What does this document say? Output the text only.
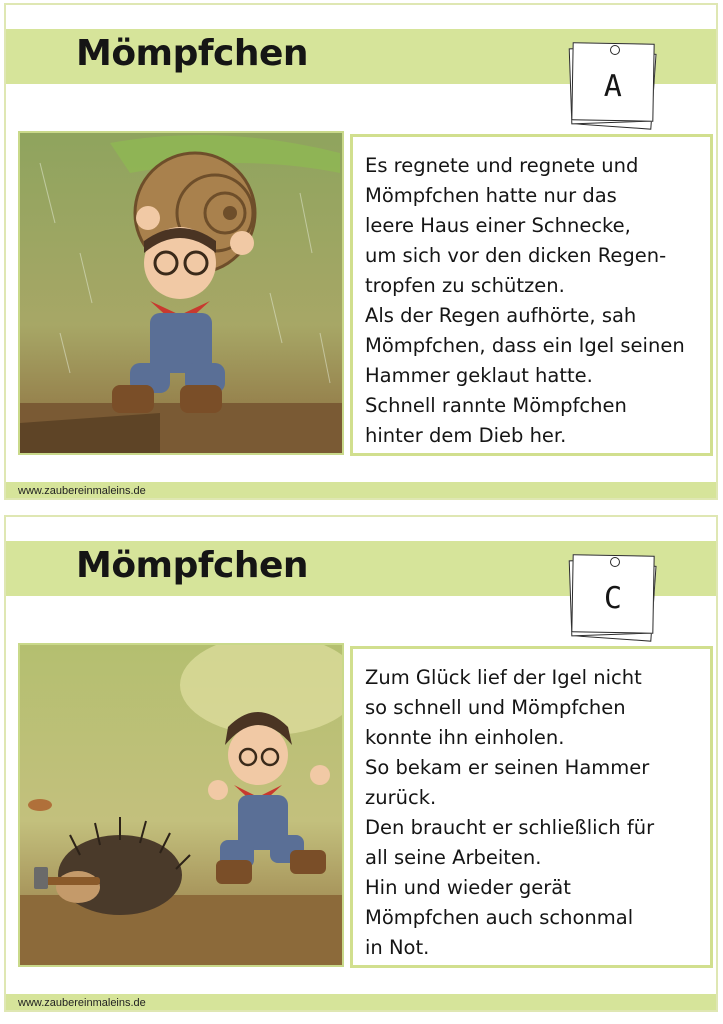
Mömpfchen
A

Es regnete und regnete und
Mömpfchen hatte nur das
leere Haus einer Schnecke,
um sich vor den dicken Regen-
tropfen zu schützen.
Als der Regen aufhörte, sah
Mömpfchen, dass ein Igel seinen
Hammer geklaut hatte.
Schnell rannte Mömpfchen
hinter dem Dieb her.

www.zaubereinmaleins.de
Mömpfchen
C

Zum Glück lief der Igel nicht
so schnell und Mömpfchen
konnte ihn einholen.
So bekam er seinen Hammer
zurück.
Den braucht er schließlich für
all seine Arbeiten.
Hin und wieder gerät
Mömpfchen auch schonmal
in Not.

www.zaubereinmaleins.de
